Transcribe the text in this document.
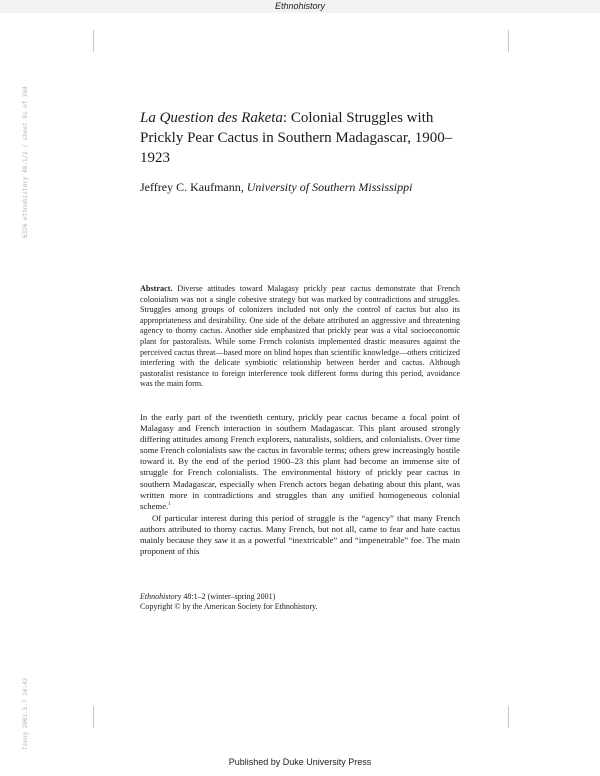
Ethnohistory
6326 ethnohistory 48:1/2 / sheet 91 of 384
Tseng 2001.5.7 10:43
La Question des Raketa: Colonial Struggles with Prickly Pear Cactus in Southern Madagascar, 1900–1923
Jeffrey C. Kaufmann, University of Southern Mississippi
Abstract. Diverse attitudes toward Malagasy prickly pear cactus demonstrate that French colonialism was not a single cohesive strategy but was marked by contradictions and struggles. Struggles among groups of colonizers included not only the control of cactus but also its appropriateness and desirability. One side of the debate attributed an aggressive and threatening agency to thorny cactus. Another side emphasized that prickly pear was a vital socioeconomic plant for pastoralists. While some French colonists implemented drastic measures against the perceived cactus threat—based more on blind hopes than scientific knowledge—others criticized interfering with the delicate symbiotic relationship between herder and cactus. Although pastoralist resistance to foreign interference took different forms during this period, avoidance was the main form.

In the early part of the twentieth century, prickly pear cactus became a focal point of Malagasy and French interaction in southern Madagascar. This plant aroused strongly differing attitudes among French explorers, naturalists, soldiers, and colonialists. Over time some French colonialists saw the cactus in favorable terms; others grew increasingly hostile toward it. By the end of the period 1900–23 this plant had become an immense site of struggle for French colonialists. The environmental history of prickly pear cactus in southern Madagascar, especially when French actors began debating about this plant, was written more in contradictions and struggles than any unified homogeneous colonial scheme.$^1$

Of particular interest during this period of struggle is the “agency” that many French authors attributed to thorny cactus. Many French, but not all, came to fear and hate cactus mainly because they saw it as a powerful “inextricable” and “impenetrable” foe. The main proponent of this

Ethnohistory 48:1–2 (winter–spring 2001)
Copyright © by the American Society for Ethnohistory.
Published by Duke University Press
